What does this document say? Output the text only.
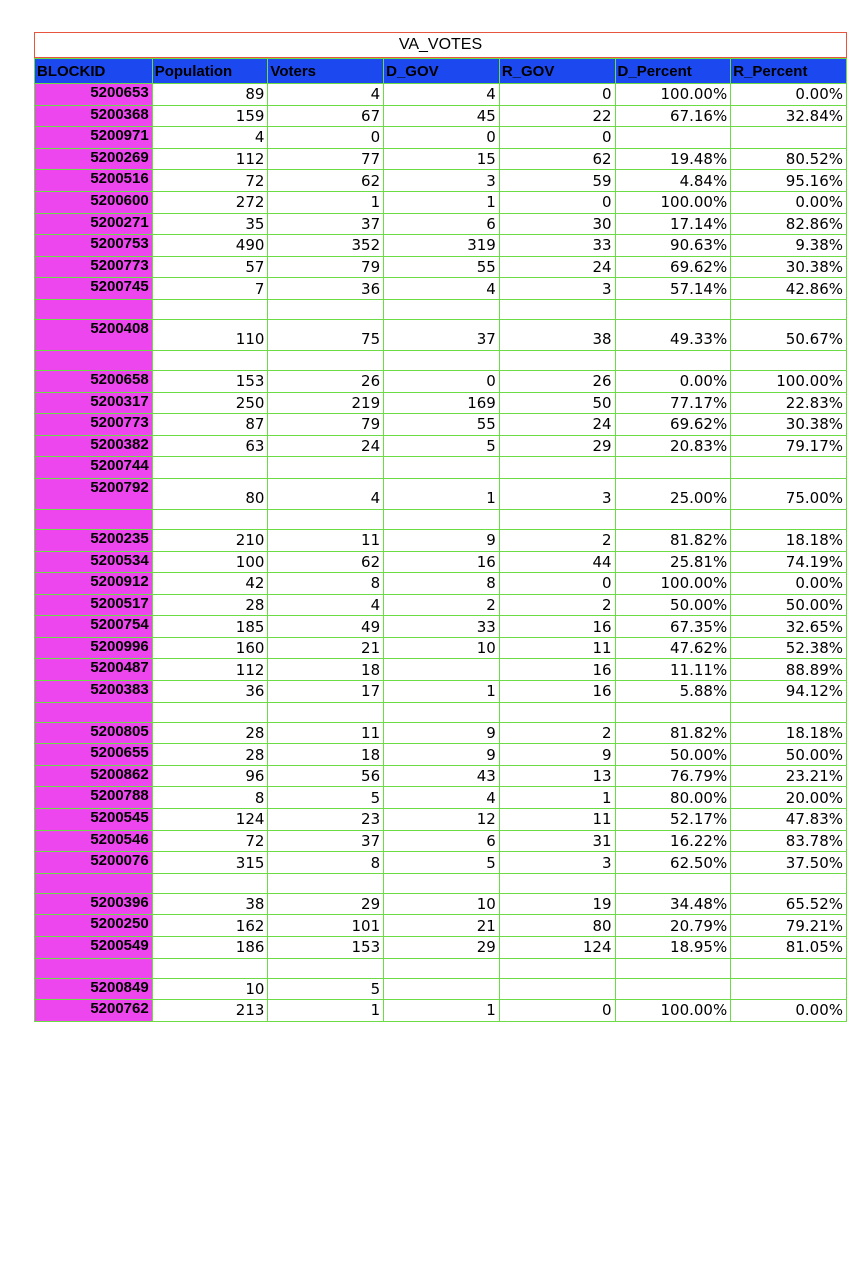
VA_VOTES
BLOCKID	Population	Voters	D_GOV	R_GOV	D_Percent	R_Percent
5200653	89	4	4	0	100.00%	0.00%
5200368	159	67	45	22	67.16%	32.84%
5200971	4	0	0	0		
5200269	112	77	15	62	19.48%	80.52%
5200516	72	62	3	59	4.84%	95.16%
5200600	272	1	1	0	100.00%	0.00%
5200271	35	37	6	30	17.14%	82.86%
5200753	490	352	319	33	90.63%	9.38%
5200773	57	79	55	24	69.62%	30.38%
5200745	7	36	4	3	57.14%	42.86%

5200408	110	75	37	38	49.33%	50.67%

5200658	153	26	0	26	0.00%	100.00%
5200317	250	219	169	50	77.17%	22.83%
5200773	87	79	55	24	69.62%	30.38%
5200382	63	24	5	29	20.83%	79.17%
5200744						
5200792	80	4	1	3	25.00%	75.00%

5200235	210	11	9	2	81.82%	18.18%
5200534	100	62	16	44	25.81%	74.19%
5200912	42	8	8	0	100.00%	0.00%
5200517	28	4	2	2	50.00%	50.00%
5200754	185	49	33	16	67.35%	32.65%
5200996	160	21	10	11	47.62%	52.38%
5200487	112	18		16	11.11%	88.89%
5200383	36	17	1	16	5.88%	94.12%

5200805	28	11	9	2	81.82%	18.18%
5200655	28	18	9	9	50.00%	50.00%
5200862	96	56	43	13	76.79%	23.21%
5200788	8	5	4	1	80.00%	20.00%
5200545	124	23	12	11	52.17%	47.83%
5200546	72	37	6	31	16.22%	83.78%
5200076	315	8	5	3	62.50%	37.50%

5200396	38	29	10	19	34.48%	65.52%
5200250	162	101	21	80	20.79%	79.21%
5200549	186	153	29	124	18.95%	81.05%

5200849	10	5				
5200762	213	1	1	0	100.00%	0.00%
